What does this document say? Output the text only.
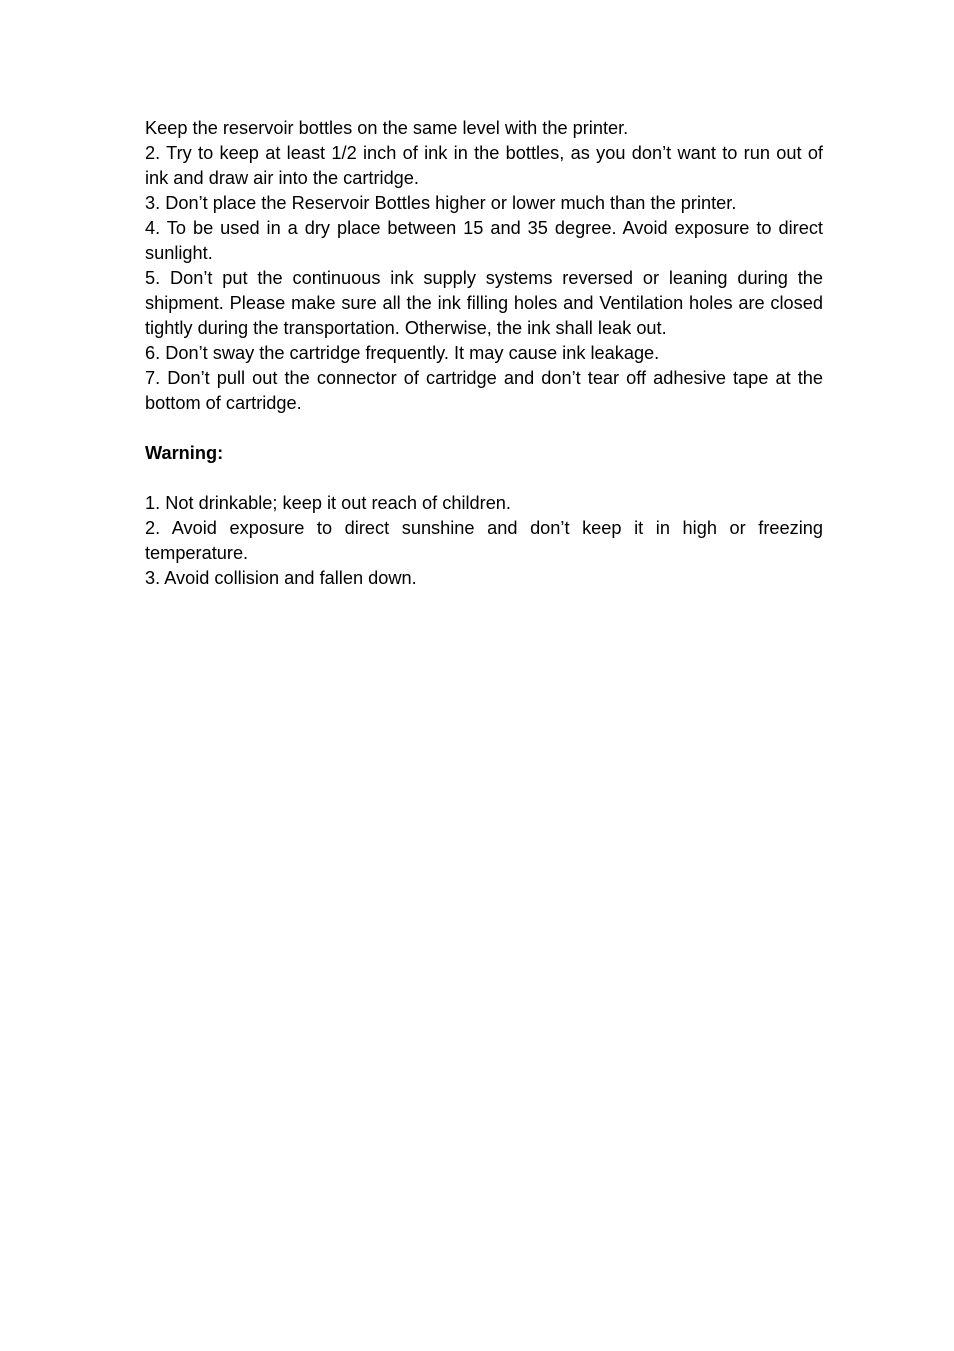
Keep the reservoir bottles on the same level with the printer.

2. Try to keep at least 1/2 inch of ink in the bottles, as you don’t want to run out of ink and draw air into the cartridge.

3. Don’t place the Reservoir Bottles higher or lower much than the printer.

4. To be used in a dry place between 15 and 35 degree. Avoid exposure to direct sunlight.

5. Don’t put the continuous ink supply systems reversed or leaning during the shipment. Please make sure all the ink filling holes and Ventilation holes are closed tightly during the transportation. Otherwise, the ink shall leak out.

6. Don’t sway the cartridge frequently. It may cause ink leakage.

7. Don’t pull out the connector of cartridge and don’t tear off adhesive tape at the bottom of cartridge.

Warning:

1. Not drinkable; keep it out reach of children.

2. Avoid exposure to direct sunshine and don’t keep it in high or freezing temperature.

3. Avoid collision and fallen down.
